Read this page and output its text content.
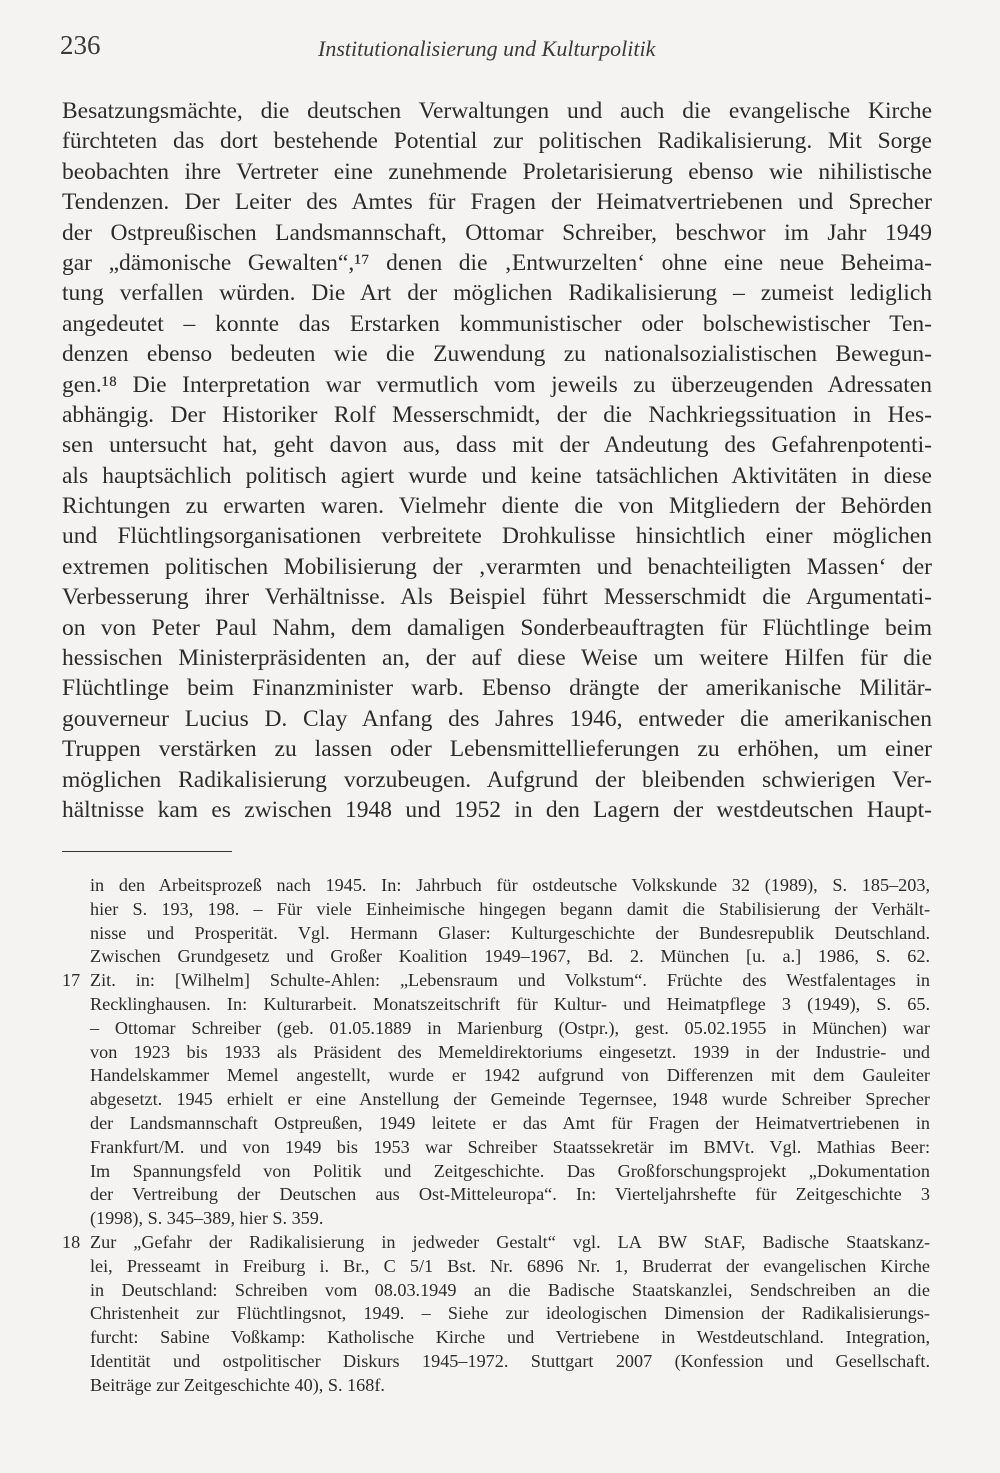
236	Institutionalisierung und Kulturpolitik
Besatzungsmächte, die deutschen Verwaltungen und auch die evangelische Kirche
fürchteten das dort bestehende Potential zur politischen Radikalisierung. Mit Sorge
beobachten ihre Vertreter eine zunehmende Proletarisierung ebenso wie nihilistische
Tendenzen. Der Leiter des Amtes für Fragen der Heimatvertriebenen und Sprecher
der Ostpreußischen Landsmannschaft, Ottomar Schreiber, beschwor im Jahr 1949
gar „dämonische Gewalten“,¹⁷ denen die ‚Entwurzelten‘ ohne eine neue Beheima-
tung verfallen würden. Die Art der möglichen Radikalisierung – zumeist lediglich
angedeutet – konnte das Erstarken kommunistischer oder bolschewistischer Ten-
denzen ebenso bedeuten wie die Zuwendung zu nationalsozialistischen Bewegun-
gen.¹⁸ Die Interpretation war vermutlich vom jeweils zu überzeugenden Adressaten
abhängig. Der Historiker Rolf Messerschmidt, der die Nachkriegssituation in Hes-
sen untersucht hat, geht davon aus, dass mit der Andeutung des Gefahrenpotenti-
als hauptsächlich politisch agiert wurde und keine tatsächlichen Aktivitäten in diese
Richtungen zu erwarten waren. Vielmehr diente die von Mitgliedern der Behörden
und Flüchtlingsorganisationen verbreitete Drohkulisse hinsichtlich einer möglichen
extremen politischen Mobilisierung der ‚verarmten und benachteiligten Massen‘ der
Verbesserung ihrer Verhältnisse. Als Beispiel führt Messerschmidt die Argumentati-
on von Peter Paul Nahm, dem damaligen Sonderbeauftragten für Flüchtlinge beim
hessischen Ministerpräsidenten an, der auf diese Weise um weitere Hilfen für die
Flüchtlinge beim Finanzminister warb. Ebenso drängte der amerikanische Militär-
gouverneur Lucius D. Clay Anfang des Jahres 1946, entweder die amerikanischen
Truppen verstärken zu lassen oder Lebensmittellieferungen zu erhöhen, um einer
möglichen Radikalisierung vorzubeugen. Aufgrund der bleibenden schwierigen Ver-
hältnisse kam es zwischen 1948 und 1952 in den Lagern der westdeutschen Haupt-
in den Arbeitsprozeß nach 1945. In: Jahrbuch für ostdeutsche Volkskunde 32 (1989), S. 185–203,
hier S. 193, 198. – Für viele Einheimische hingegen begann damit die Stabilisierung der Verhält-
nisse und Prosperität. Vgl. Hermann Glaser: Kulturgeschichte der Bundesrepublik Deutschland.
Zwischen Grundgesetz und Großer Koalition 1949–1967, Bd. 2. München [u. a.] 1986, S. 62.
17 Zit. in: [Wilhelm] Schulte-Ahlen: „Lebensraum und Volkstum“. Früchte des Westfalentages in
Recklinghausen. In: Kulturarbeit. Monatszeitschrift für Kultur- und Heimatpflege 3 (1949), S. 65.
– Ottomar Schreiber (geb. 01.05.1889 in Marienburg (Ostpr.), gest. 05.02.1955 in München) war
von 1923 bis 1933 als Präsident des Memeldirektoriums eingesetzt. 1939 in der Industrie- und
Handelskammer Memel angestellt, wurde er 1942 aufgrund von Differenzen mit dem Gauleiter
abgesetzt. 1945 erhielt er eine Anstellung der Gemeinde Tegernsee, 1948 wurde Schreiber Sprecher
der Landsmannschaft Ostpreußen, 1949 leitete er das Amt für Fragen der Heimatvertriebenen in
Frankfurt/M. und von 1949 bis 1953 war Schreiber Staatssekretär im BMVt. Vgl. Mathias Beer:
Im Spannungsfeld von Politik und Zeitgeschichte. Das Großforschungsprojekt „Dokumentation
der Vertreibung der Deutschen aus Ost-Mitteleuropa“. In: Vierteljahrshefte für Zeitgeschichte 3
(1998), S. 345–389, hier S. 359.
18 Zur „Gefahr der Radikalisierung in jedweder Gestalt“ vgl. LA BW StAF, Badische Staatskanz-
lei, Presseamt in Freiburg i. Br., C 5/1 Bst. Nr. 6896 Nr. 1, Bruderrat der evangelischen Kirche
in Deutschland: Schreiben vom 08.03.1949 an die Badische Staatskanzlei, Sendschreiben an die
Christenheit zur Flüchtlingsnot, 1949. – Siehe zur ideologischen Dimension der Radikalisierungs-
furcht: Sabine Voßkamp: Katholische Kirche und Vertriebene in Westdeutschland. Integration,
Identität und ostpolitischer Diskurs 1945–1972. Stuttgart 2007 (Konfession und Gesellschaft.
Beiträge zur Zeitgeschichte 40), S. 168f.
